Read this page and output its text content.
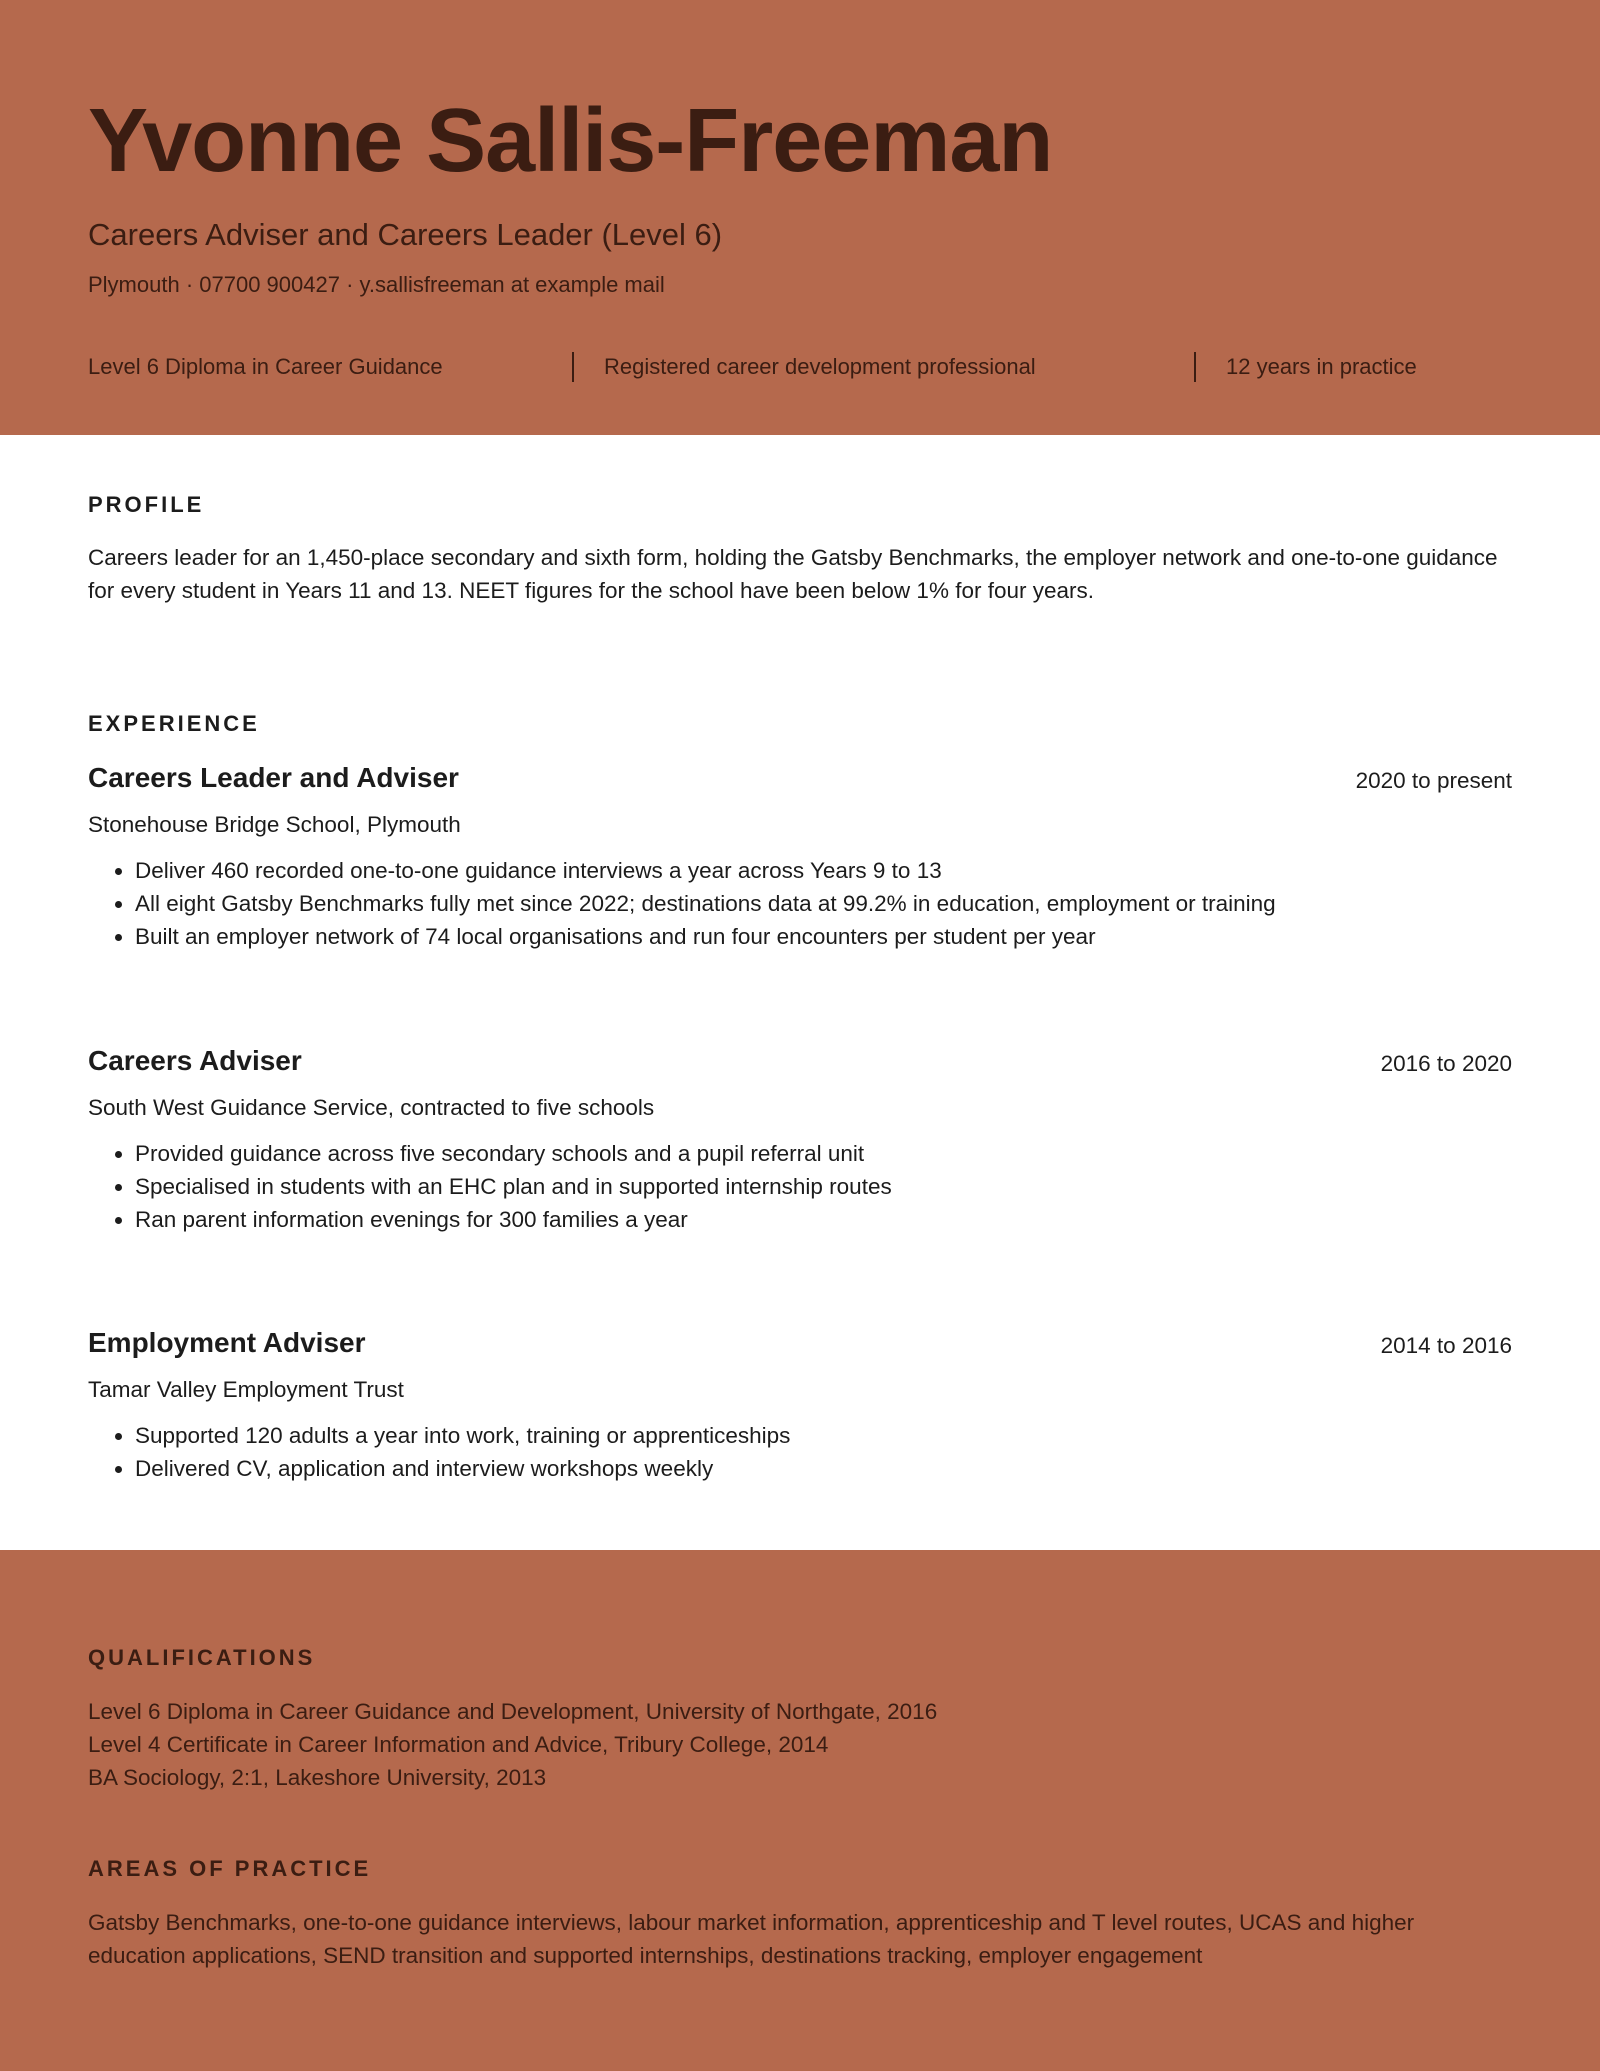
Yvonne Sallis-Freeman

Careers Adviser and Careers Leader (Level 6)

Plymouth · 07700 900427 · y.sallisfreeman at example mail

Level 6 Diploma in Career Guidance	Registered career development professional	12 years in practice
PROFILE

Careers leader for an 1,450-place secondary and sixth form, holding the Gatsby Benchmarks, the employer network and one-to-one guidance for every student in Years 11 and 13. NEET figures for the school have been below 1% for four years.

EXPERIENCE
Careers Leader and Adviser	2020 to present

Stonehouse Bridge School, Plymouth

• Deliver 460 recorded one-to-one guidance interviews a year across Years 9 to 13
• All eight Gatsby Benchmarks fully met since 2022; destinations data at 99.2% in education, employment or training
• Built an employer network of 74 local organisations and run four encounters per student per year
Careers Adviser	2016 to 2020

South West Guidance Service, contracted to five schools

• Provided guidance across five secondary schools and a pupil referral unit
• Specialised in students with an EHC plan and in supported internship routes
• Ran parent information evenings for 300 families a year
Employment Adviser	2014 to 2016

Tamar Valley Employment Trust

• Supported 120 adults a year into work, training or apprenticeships
• Delivered CV, application and interview workshops weekly
QUALIFICATIONS
Level 6 Diploma in Career Guidance and Development, University of Northgate, 2016
Level 4 Certificate in Career Information and Advice, Tribury College, 2014
BA Sociology, 2:1, Lakeshore University, 2013
AREAS OF PRACTICE

Gatsby Benchmarks, one-to-one guidance interviews, labour market information, apprenticeship and T level routes, UCAS and higher education applications, SEND transition and supported internships, destinations tracking, employer engagement
